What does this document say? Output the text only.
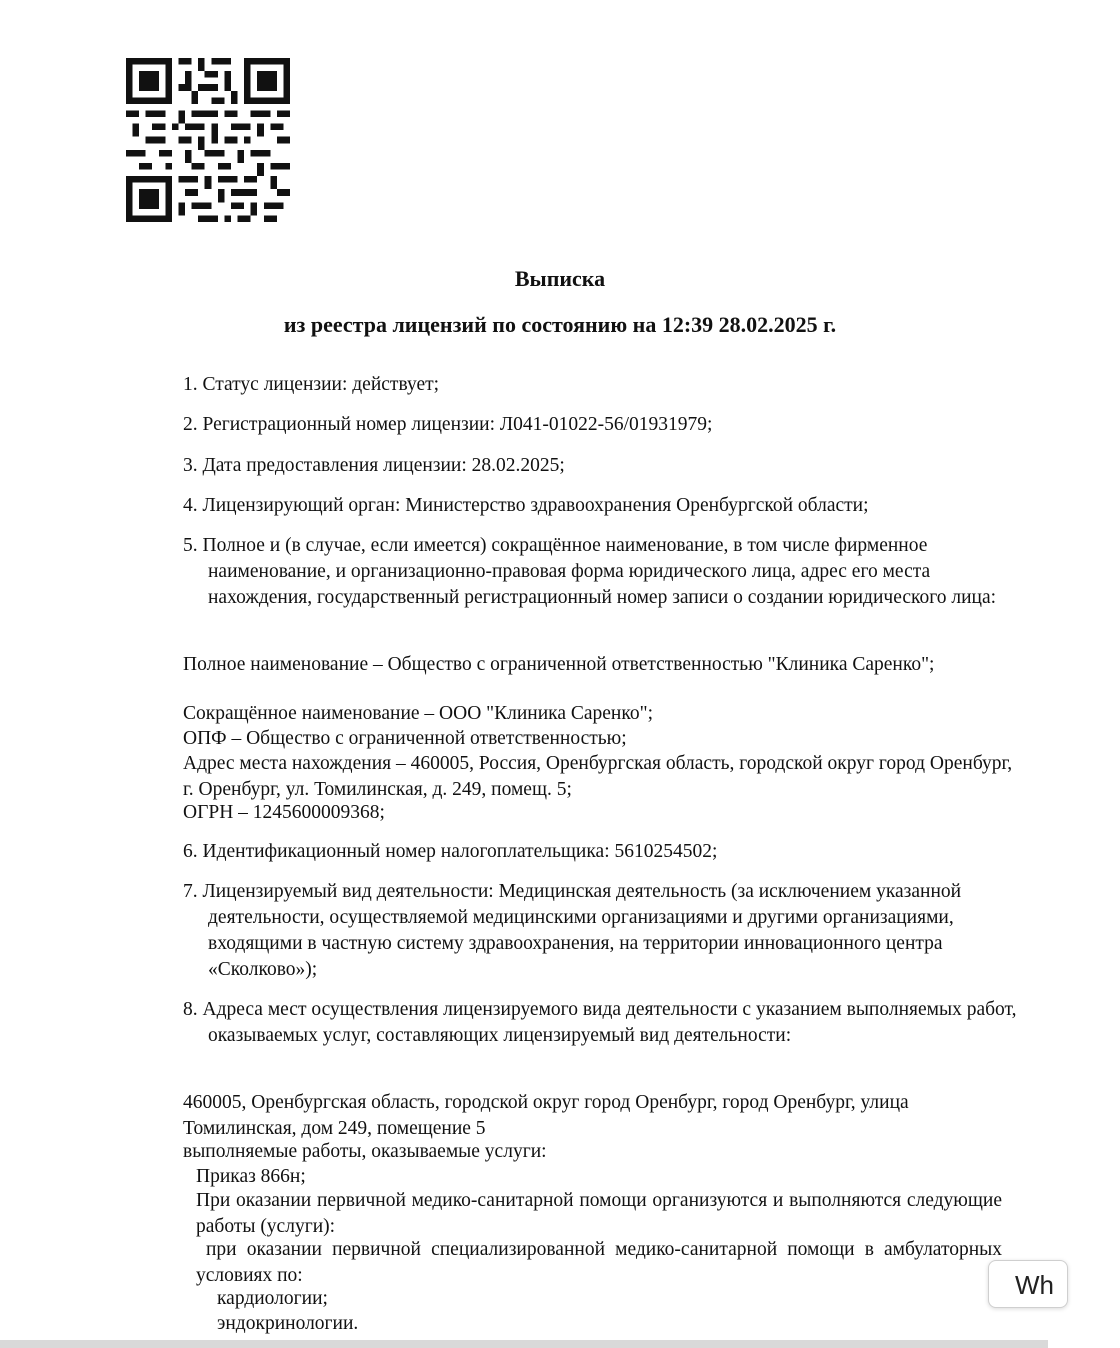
Выписка
из реестра лицензий по состоянию на 12:39 28.02.2025 г.
1. Статус лицензии: действует;
2. Регистрационный номер лицензии: Л041-01022-56/01931979;
3. Дата предоставления лицензии: 28.02.2025;
4. Лицензирующий орган: Министерство здравоохранения Оренбургской области;
5. Полное и (в случае, если имеется) сокращённое наименование, в том числе фирменное наименование, и организационно-правовая форма юридического лица, адрес его места нахождения, государственный регистрационный номер записи о создании юридического лица:
Полное наименование – Общество с ограниченной ответственностью "Клиника Саренко";
Сокращённое наименование – ООО "Клиника Саренко";
ОПФ – Общество с ограниченной ответственностью;
Адрес места нахождения – 460005, Россия, Оренбургская область, городской округ город Оренбург, г. Оренбург, ул. Томилинская, д. 249, помещ. 5;
ОГРН – 1245600009368;
6. Идентификационный номер налогоплательщика: 5610254502;
7. Лицензируемый вид деятельности: Медицинская деятельность (за исключением указанной деятельности, осуществляемой медицинскими организациями и другими организациями, входящими в частную систему здравоохранения, на территории инновационного центра «Сколково»);
8. Адреса мест осуществления лицензируемого вида деятельности с указанием выполняемых работ, оказываемых услуг, составляющих лицензируемый вид деятельности:
460005, Оренбургская область, городской округ город Оренбург, город Оренбург, улица Томилинская, дом 249, помещение 5
выполняемые работы, оказываемые услуги:
Приказ 866н;
При оказании первичной медико-санитарной помощи организуются и выполняются следующие работы (услуги):
при оказании первичной специализированной медико-санитарной помощи в амбулаторных условиях по:
кардиологии;
эндокринологии.
Wh
